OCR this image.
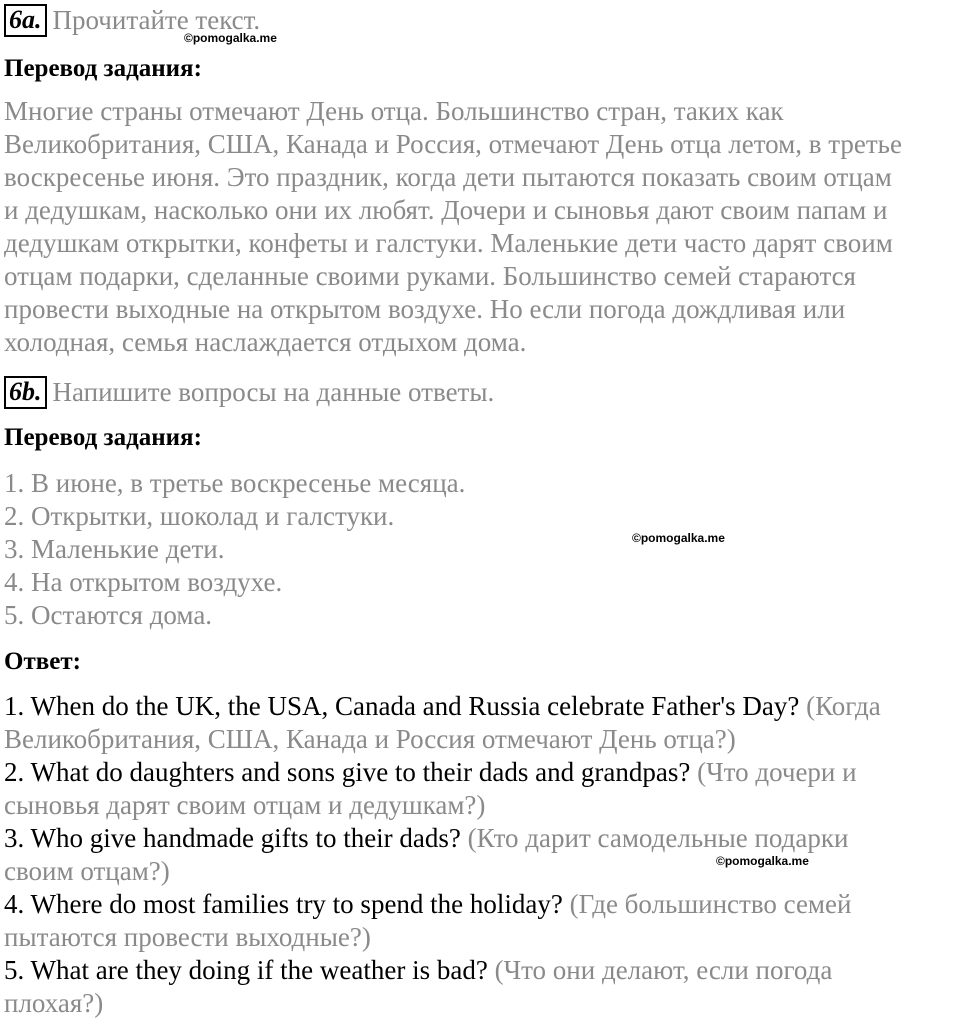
6a. Прочитайте текст.
©pomogalka.me
Перевод задания:
Многие страны отмечают День отца. Большинство стран, таких как
Великобритания, США, Канада и Россия, отмечают День отца летом, в третье
воскресенье июня. Это праздник, когда дети пытаются показать своим отцам
и дедушкам, насколько они их любят. Дочери и сыновья дают своим папам и
дедушкам открытки, конфеты и галстуки. Маленькие дети часто дарят своим
отцам подарки, сделанные своими руками. Большинство семей стараются
провести выходные на открытом воздухе. Но если погода дождливая или
холодная, семья наслаждается отдыхом дома.
6b. Напишите вопросы на данные ответы.
Перевод задания:
1. В июне, в третье воскресенье месяца.
2. Открытки, шоколад и галстуки.
3. Маленькие дети.	©pomogalka.me
4. На открытом воздухе.
5. Остаются дома.
Ответ:
1. When do the UK, the USA, Canada and Russia celebrate Father's Day? (Когда
Великобритания, США, Канада и Россия отмечают День отца?)
2. What do daughters and sons give to their dads and grandpas? (Что дочери и
сыновья дарят своим отцам и дедушкам?)
3. Who give handmade gifts to their dads? (Кто дарит самодельные подарки
своим отцам?)	©pomogalka.me
4. Where do most families try to spend the holiday? (Где большинство семей
пытаются провести выходные?)
5. What are they doing if the weather is bad? (Что они делают, если погода
плохая?)
